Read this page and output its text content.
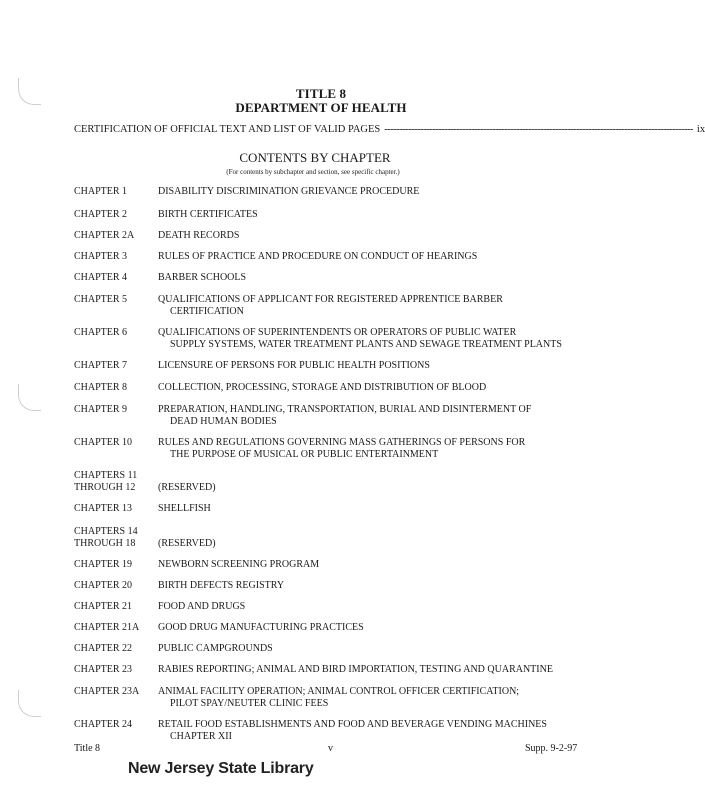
TITLE 8
DEPARTMENT OF HEALTH
CERTIFICATION OF OFFICIAL TEXT AND LIST OF VALID PAGES ------------------------------------------------------------------------------------------------------- ix
CONTENTS BY CHAPTER
(For contents by subchapter and section, see specific chapter.)
CHAPTER 1	DISABILITY DISCRIMINATION GRIEVANCE PROCEDURE
CHAPTER 2	BIRTH CERTIFICATES
CHAPTER 2A	DEATH RECORDS
CHAPTER 3	RULES OF PRACTICE AND PROCEDURE ON CONDUCT OF HEARINGS
CHAPTER 4	BARBER SCHOOLS
CHAPTER 5	QUALIFICATIONS OF APPLICANT FOR REGISTERED APPRENTICE BARBER
CERTIFICATION
CHAPTER 6	QUALIFICATIONS OF SUPERINTENDENTS OR OPERATORS OF PUBLIC WATER
SUPPLY SYSTEMS, WATER TREATMENT PLANTS AND SEWAGE TREATMENT PLANTS
CHAPTER 7	LICENSURE OF PERSONS FOR PUBLIC HEALTH POSITIONS
CHAPTER 8	COLLECTION, PROCESSING, STORAGE AND DISTRIBUTION OF BLOOD
CHAPTER 9	PREPARATION, HANDLING, TRANSPORTATION, BURIAL AND DISINTERMENT OF
DEAD HUMAN BODIES
CHAPTER 10	RULES AND REGULATIONS GOVERNING MASS GATHERINGS OF PERSONS FOR
THE PURPOSE OF MUSICAL OR PUBLIC ENTERTAINMENT
CHAPTERS 11
THROUGH 12	(RESERVED)
CHAPTER 13	SHELLFISH
CHAPTERS 14
THROUGH 18	(RESERVED)
CHAPTER 19	NEWBORN SCREENING PROGRAM
CHAPTER 20	BIRTH DEFECTS REGISTRY
CHAPTER 21	FOOD AND DRUGS
CHAPTER 21A	GOOD DRUG MANUFACTURING PRACTICES
CHAPTER 22	PUBLIC CAMPGROUNDS
CHAPTER 23	RABIES REPORTING; ANIMAL AND BIRD IMPORTATION, TESTING AND QUARANTINE
CHAPTER 23A	ANIMAL FACILITY OPERATION; ANIMAL CONTROL OFFICER CERTIFICATION;
PILOT SPAY/NEUTER CLINIC FEES
CHAPTER 24	RETAIL FOOD ESTABLISHMENTS AND FOOD AND BEVERAGE VENDING MACHINES
CHAPTER XII
Title 8	v	Supp. 9-2-97
New Jersey State Library
